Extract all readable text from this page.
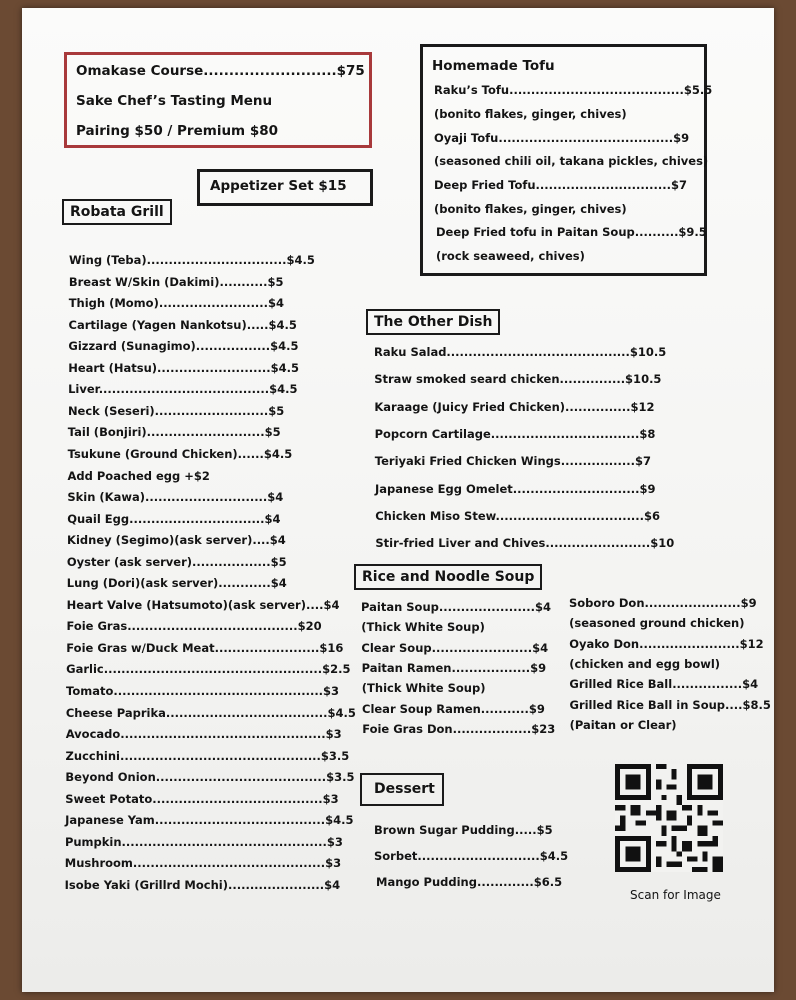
Omakase Course..........................$75
Sake Chef’s Tasting Menu
Pairing $50 / Premium $80
Appetizer Set $15
Homemade Tofu
Raku’s Tofu........................................$5.5
(bonito flakes, ginger, chives)
Oyaji Tofu........................................$9
(seasoned chili oil, takana pickles, chives)
Deep Fried Tofu...............................$7
(bonito flakes, ginger, chives)
Deep Fried tofu in Paitan Soup..........$9.5
(rock seaweed, chives)
Robata Grill
Wing (Teba)................................$4.5
Breast W/Skin (Dakimi)...........$5
Thigh (Momo).........................$4
Cartilage (Yagen Nankotsu).....$4.5
Gizzard (Sunagimo).................$4.5
Heart (Hatsu)..........................$4.5
Liver.......................................$4.5
Neck (Seseri)..........................$5
Tail (Bonjiri)...........................$5
Tsukune (Ground Chicken)......$4.5
Add Poached egg +$2
Skin (Kawa)............................$4
Quail Egg...............................$4
Kidney (Segimo)(ask server)....$4
Oyster (ask server)..................$5
Lung (Dori)(ask server)............$4
Heart Valve (Hatsumoto)(ask server)....$4
Foie Gras.......................................$20
Foie Gras w/Duck Meat........................$16
Garlic..................................................$2.5
Tomato................................................$3
Cheese Paprika.....................................$4.5
Avocado...............................................$3
Zucchini..............................................$3.5
Beyond Onion.......................................$3.5
Sweet Potato.......................................$3
Japanese Yam.......................................$4.5
Pumpkin...............................................$3
Mushroom............................................$3
Isobe Yaki (Grillrd Mochi)......................$4
The Other Dish
Raku Salad..........................................$10.5
Straw smoked seard chicken...............$10.5
Karaage (Juicy Fried Chicken)...............$12
Popcorn Cartilage..................................$8
Teriyaki Fried Chicken Wings.................$7
Japanese Egg Omelet.............................$9
Chicken Miso Stew..................................$6
Stir-fried Liver and Chives........................$10
Rice and Noodle Soup
Paitan Soup......................$4
(Thick White Soup)
Clear Soup.......................$4
Paitan Ramen..................$9
(Thick White Soup)
Clear Soup Ramen...........$9
Foie Gras Don..................$23
Soboro Don......................$9
(seasoned ground chicken)
Oyako Don.......................$12
(chicken and egg bowl)
Grilled Rice Ball................$4
Grilled Rice Ball in Soup....$8.5
(Paitan or Clear)
Dessert
Brown Sugar Pudding.....$5
Sorbet............................$4.5
Mango Pudding.............$6.5
Scan for Image
